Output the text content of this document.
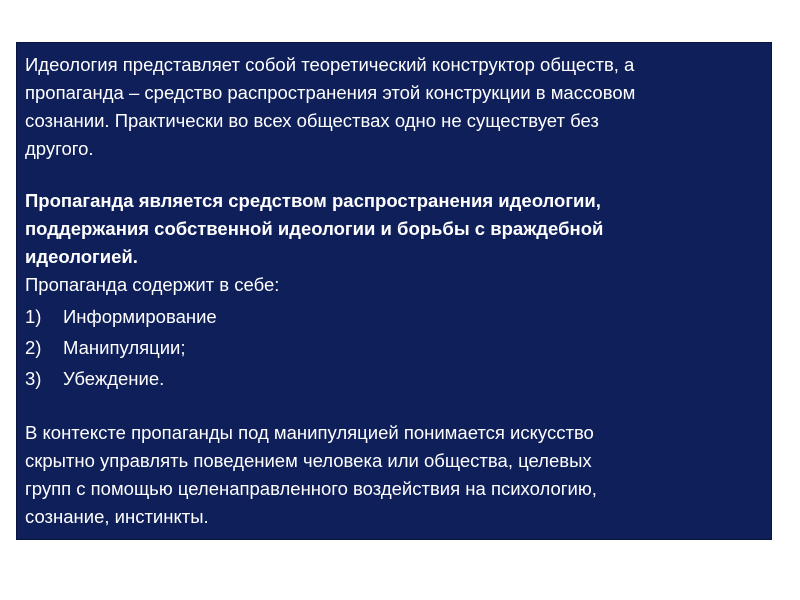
Идеология представляет собой теоретический конструктор обществ, а
пропаганда – средство распространения этой конструкции в массовом
сознании. Практически во всех обществах одно не существует без
другого.

Пропаганда является средством распространения идеологии,
поддержания собственной идеологии и борьбы с враждебной
идеологией.

Пропаганда содержит в себе:

1)	Информирование
2)	Манипуляции;
3)	Убеждение.

В контексте пропаганды под манипуляцией понимается искусство
скрытно управлять поведением человека или общества, целевых
групп с помощью целенаправленного воздействия на психологию,
сознание, инстинкты.
